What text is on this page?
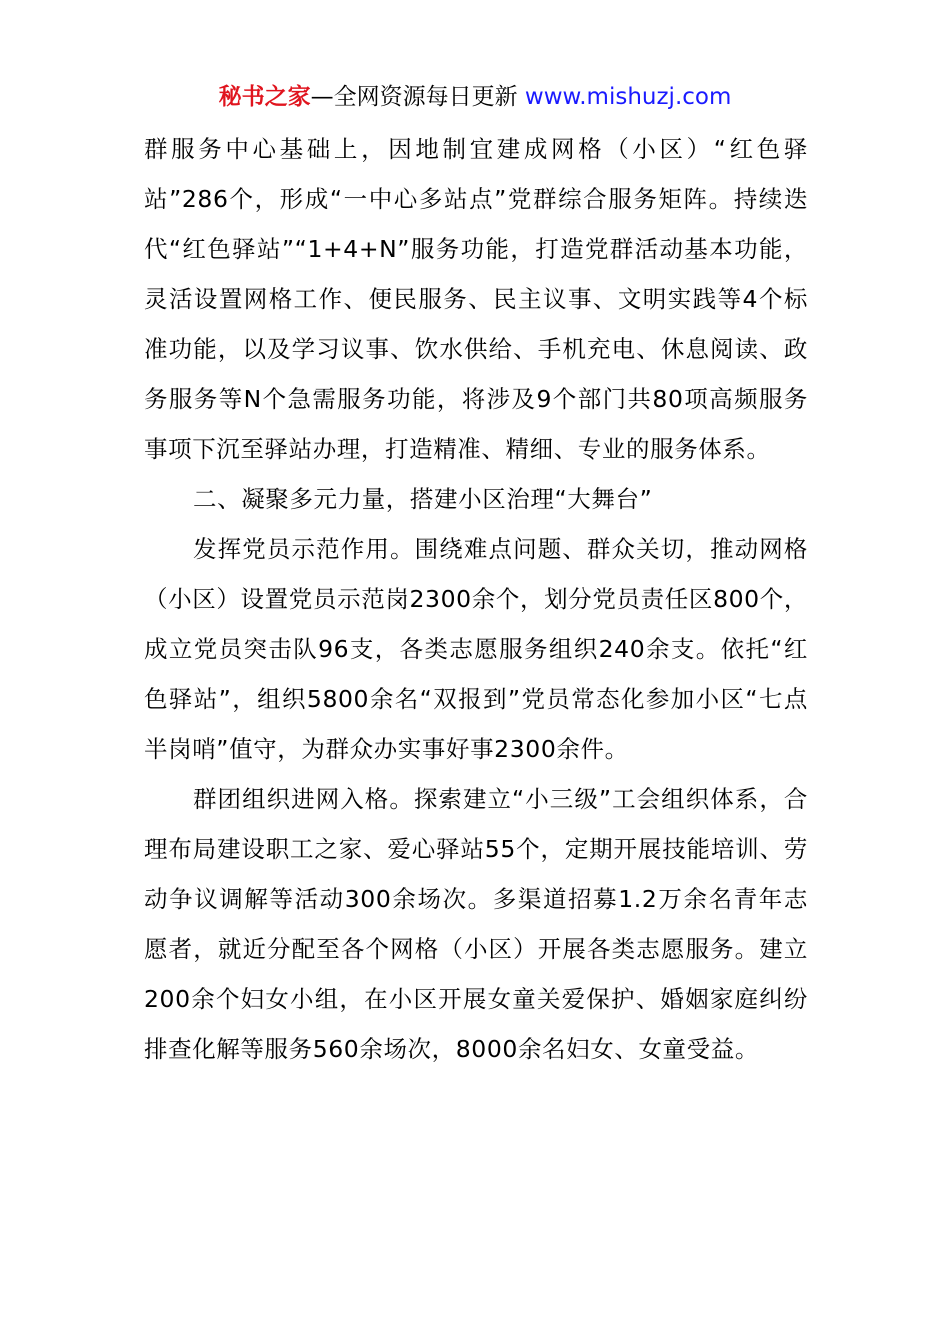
秘书之家—全网资源每日更新 www.mishuzj.com

群服务中心基础上，因地制宜建成网格（小区）“红色驿站”286个，形成“一中心多站点”党群综合服务矩阵。持续迭代“红色驿站”“1+4+N”服务功能，打造党群活动基本功能，灵活设置网格工作、便民服务、民主议事、文明实践等4个标准功能，以及学习议事、饮水供给、手机充电、休息阅读、政务服务等N个急需服务功能，将涉及9个部门共80项高频服务事项下沉至驿站办理，打造精准、精细、专业的服务体系。

二、凝聚多元力量，搭建小区治理“大舞台”

发挥党员示范作用。围绕难点问题、群众关切，推动网格（小区）设置党员示范岗2300余个，划分党员责任区800个，成立党员突击队96支，各类志愿服务组织240余支。依托“红色驿站”，组织5800余名“双报到”党员常态化参加小区“七点半岗哨”值守，为群众办实事好事2300余件。

群团组织进网入格。探索建立“小三级”工会组织体系，合理布局建设职工之家、爱心驿站55个，定期开展技能培训、劳动争议调解等活动300余场次。多渠道招募1.2万余名青年志愿者，就近分配至各个网格（小区）开展各类志愿服务。建立200余个妇女小组，在小区开展女童关爱保护、婚姻家庭纠纷排查化解等服务560余场次，8000余名妇女、女童受益。
